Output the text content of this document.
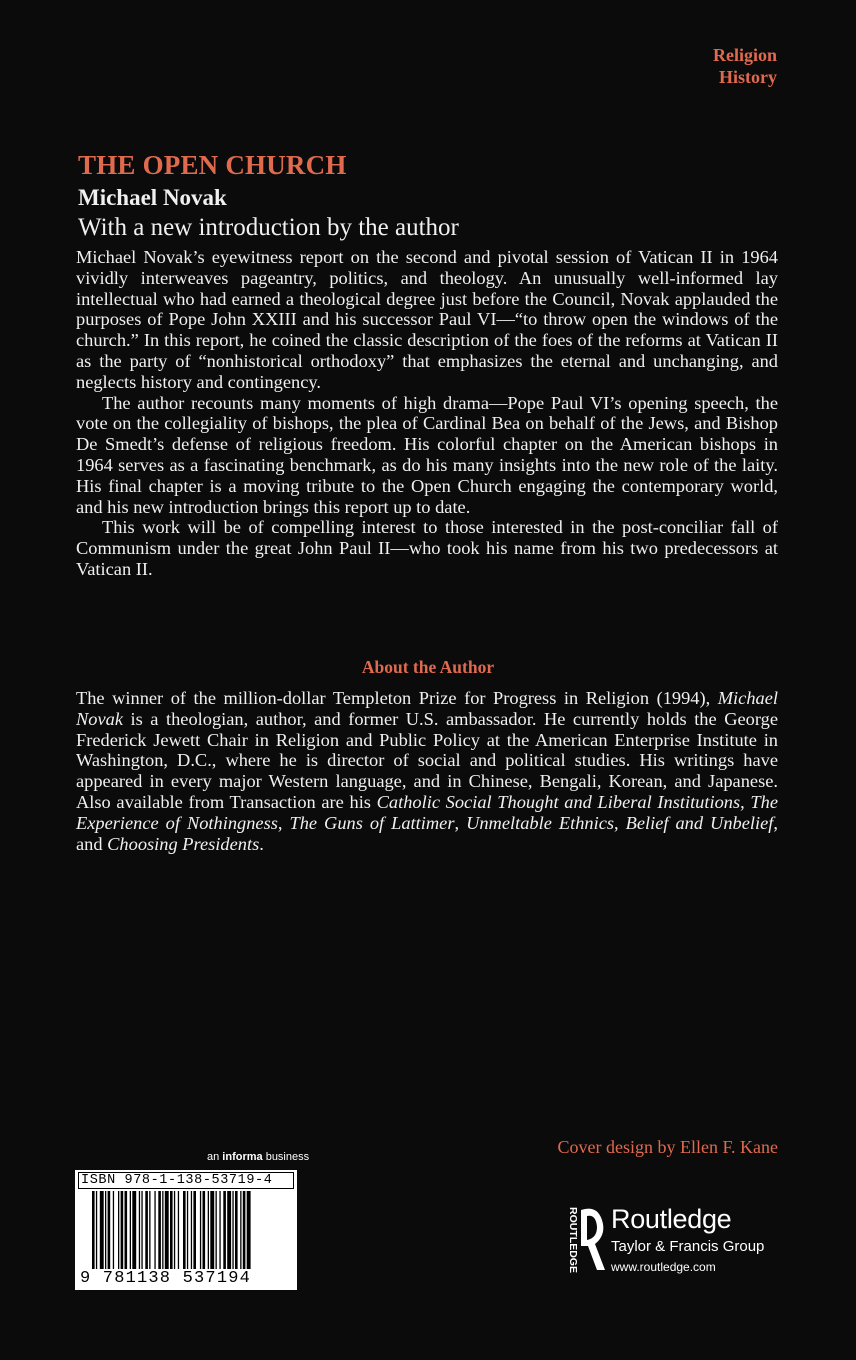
Religion
History
THE OPEN CHURCH
Michael Novak
With a new introduction by the author

Michael Novak’s eyewitness report on the second and pivotal session of Vatican II in 1964 vividly interweaves pageantry, politics, and theology. An unusually well-informed lay intellectual who had earned a theological degree just before the Council, Novak applauded the purposes of Pope John XXIII and his successor Paul VI—“to throw open the windows of the church.” In this report, he coined the classic description of the foes of the reforms at Vatican II as the party of “nonhistorical orthodoxy” that emphasizes the eternal and unchanging, and neglects history and contingency.

The author recounts many moments of high drama—Pope Paul VI’s opening speech, the vote on the collegiality of bishops, the plea of Cardinal Bea on behalf of the Jews, and Bishop De Smedt’s defense of religious freedom. His colorful chapter on the American bishops in 1964 serves as a fascinating benchmark, as do his many insights into the new role of the laity. His final chapter is a moving tribute to the Open Church engaging the contemporary world, and his new introduction brings this report up to date.

This work will be of compelling interest to those interested in the post-conciliar fall of Communism under the great John Paul II—who took his name from his two predecessors at Vatican II.

About the Author
The winner of the million-dollar Templeton Prize for Progress in Religion (1994), Michael Novak is a theologian, author, and former U.S. ambassador. He currently holds the George Frederick Jewett Chair in Religion and Public Policy at the American Enterprise Institute in Washington, D.C., where he is director of social and political studies. His writings have appeared in every major Western language, and in Chinese, Bengali, Korean, and Japanese. Also available from Transaction are his Catholic Social Thought and Liberal Institutions, The Experience of Nothingness, The Guns of Lattimer, Unmeltable Ethnics, Belief and Unbelief, and Choosing Presidents.
Cover design by Ellen F. Kane
an informa business
ISBN 978-1-138-53719-4
9 781138 537194
ROUTLEDGE Routledge
Taylor & Francis Group
www.routledge.com
